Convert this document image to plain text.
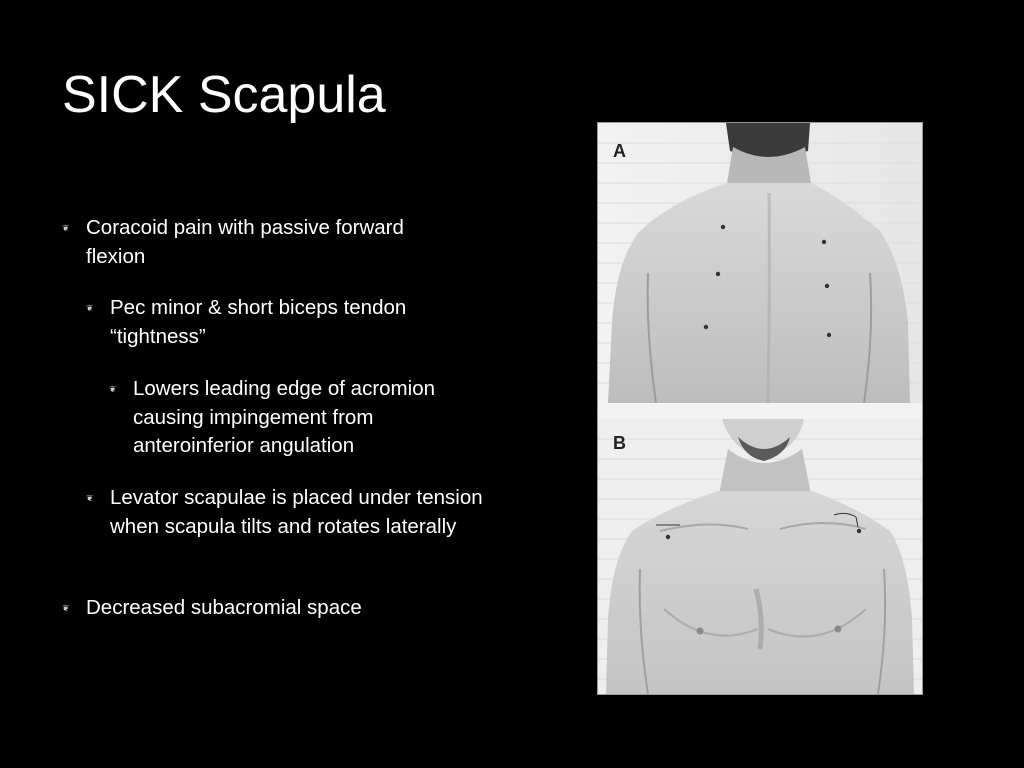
SICK Scapula
❦ Coracoid pain with passive forward flexion
❦ Pec minor & short biceps tendon “tightness”
❦ Lowers leading edge of acromion causing impingement from anteroinferior angulation
❦ Levator scapulae is placed under tension when scapula tilts and rotates laterally
❦ Decreased subacromial space
A
B
